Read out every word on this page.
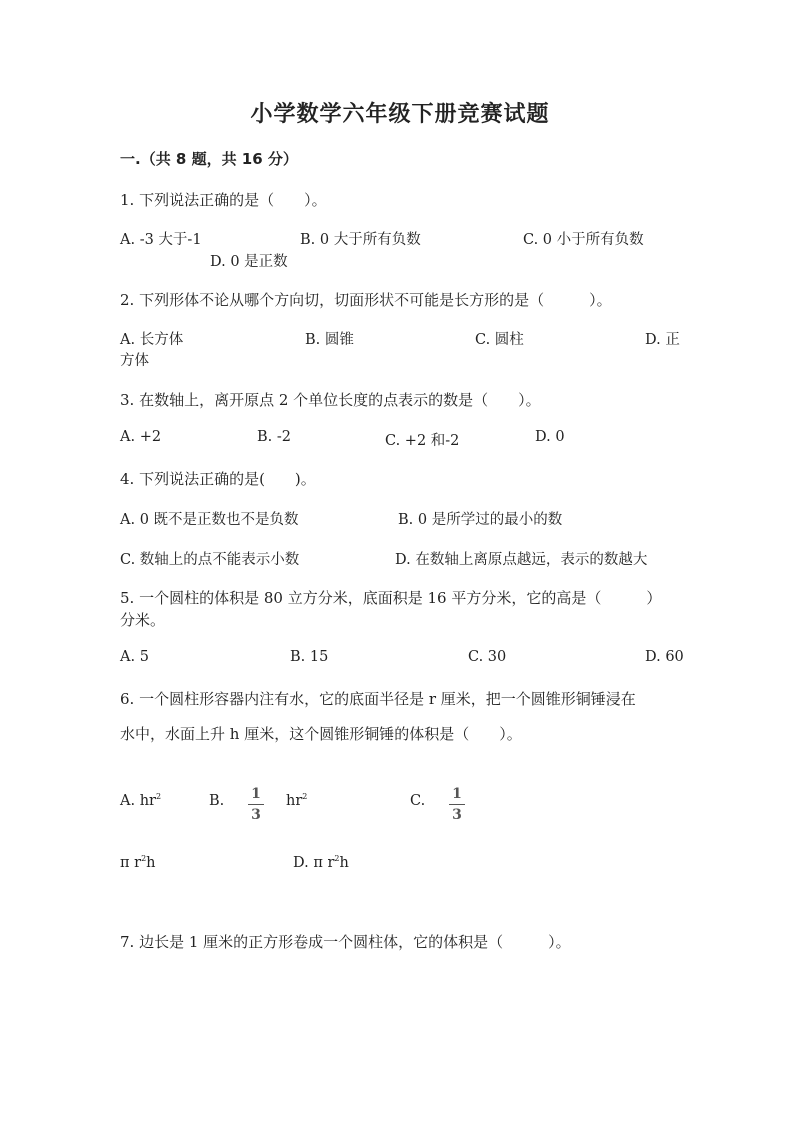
小学数学六年级下册竞赛试题
一.（共 8 题，共 16 分）
1. 下列说法正确的是（　　）。
A. -3 大于-1	B. 0 大于所有负数	C. 0 小于所有负数
D. 0 是正数
2. 下列形体不论从哪个方向切，切面形状不可能是长方形的是（　　　）。
A. 长方体	B. 圆锥	C. 圆柱	D. 正
方体
3. 在数轴上，离开原点 2 个单位长度的点表示的数是（　　）。
A. +2	B. -2	C. +2 和-2	D. 0
4. 下列说法正确的是(　　)。
A. 0 既不是正数也不是负数	B. 0 是所学过的最小的数
C. 数轴上的点不能表示小数	D. 在数轴上离原点越远，表示的数越大
5. 一个圆柱的体积是 80 立方分米，底面积是 16 平方分米，它的高是（　　　）
分米。
A. 5	B. 15	C. 30	D. 60
6. 一个圆柱形容器内注有水，它的底面半径是 r 厘米，把一个圆锥形铜锤浸在
水中，水面上升 h 厘米，这个圆锥形铜锤的体积是（　　）。
A. $hr^2$	B. 1
3
$hr^2$	C. 1
3
π $r^2h$	D. π $r^2h$
7. 边长是 1 厘米的正方形卷成一个圆柱体，它的体积是（　　　）。
